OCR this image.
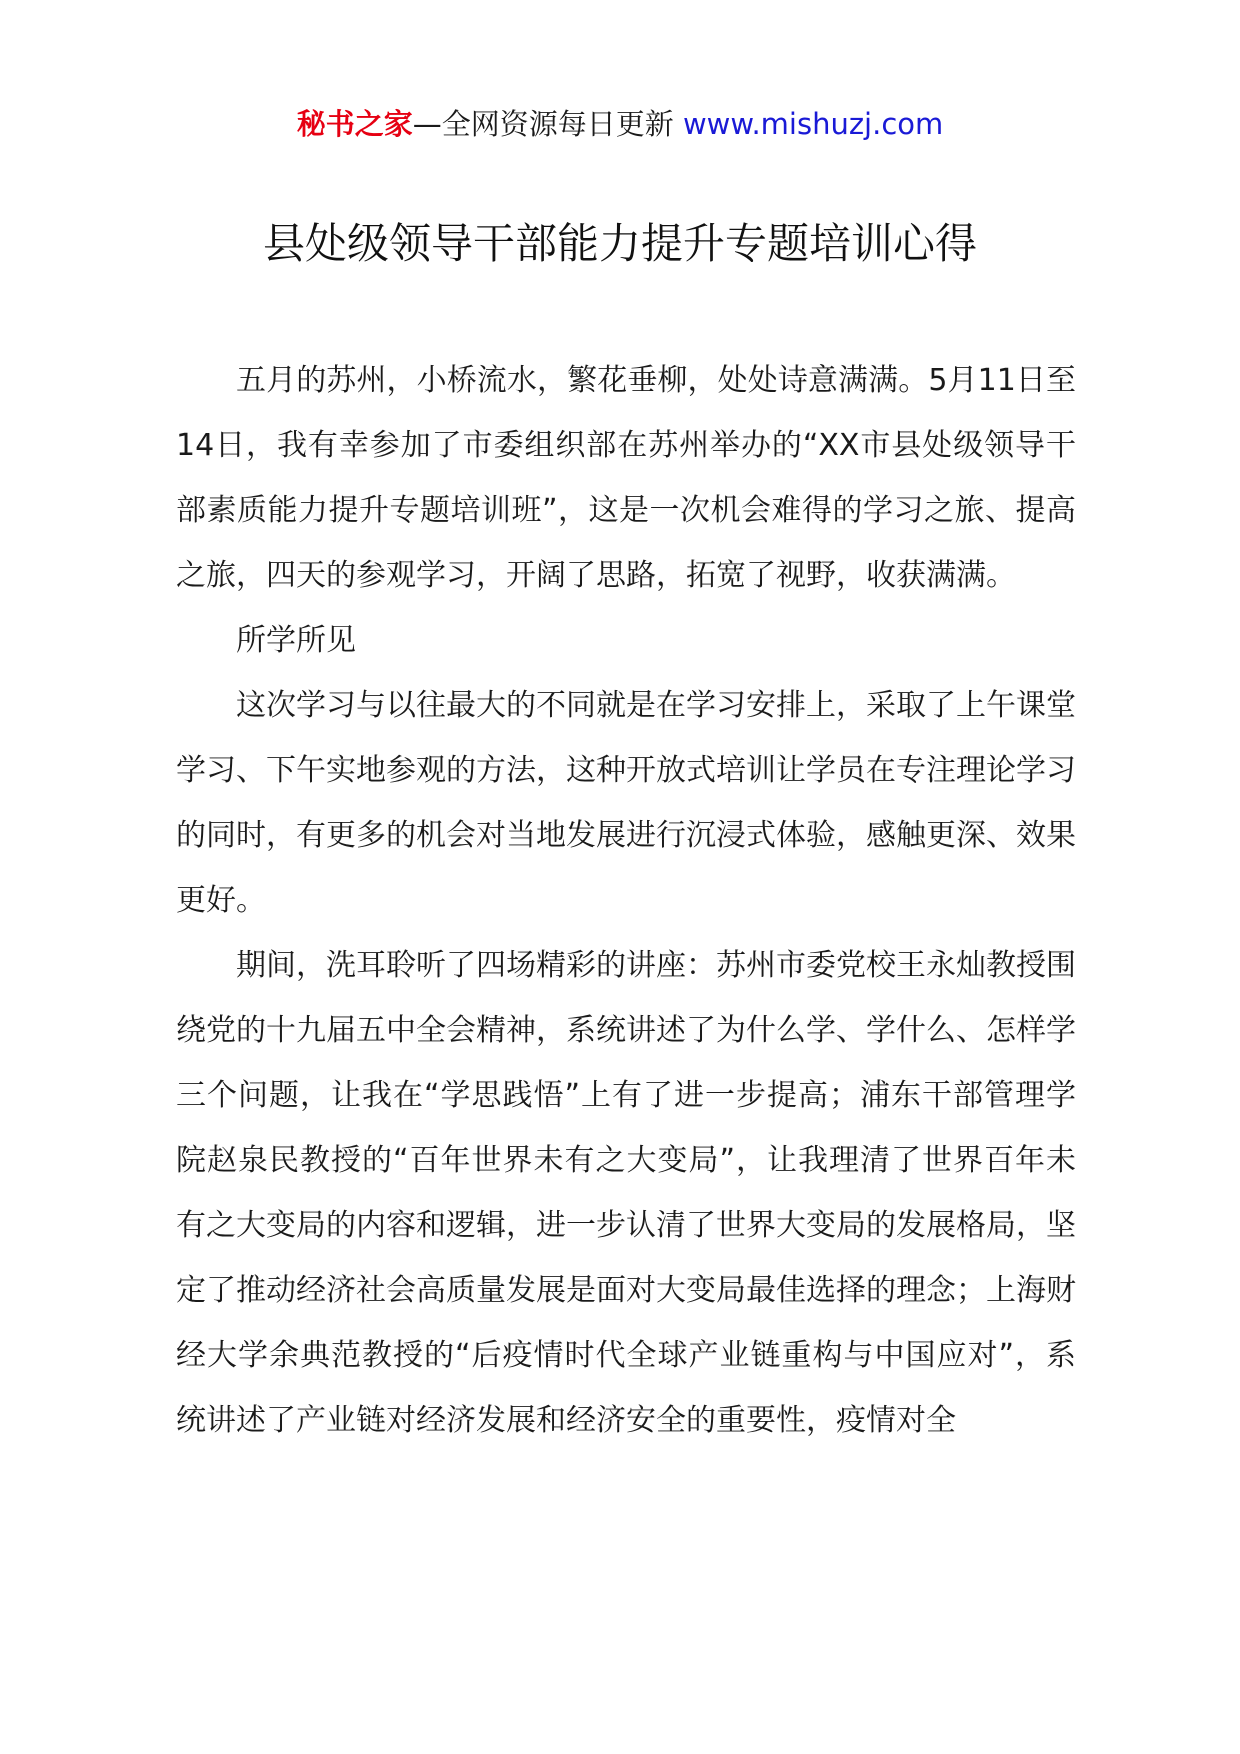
秘书之家—全网资源每日更新 www.mishuzj.com
县处级领导干部能力提升专题培训心得

五月的苏州，小桥流水，繁花垂柳，处处诗意满满。5月11日至14日，我有幸参加了市委组织部在苏州举办的“XX市县处级领导干部素质能力提升专题培训班”，这是一次机会难得的学习之旅、提高之旅，四天的参观学习，开阔了思路，拓宽了视野，收获满满。

所学所见

这次学习与以往最大的不同就是在学习安排上，采取了上午课堂学习、下午实地参观的方法，这种开放式培训让学员在专注理论学习的同时，有更多的机会对当地发展进行沉浸式体验，感触更深、效果更好。

期间，洗耳聆听了四场精彩的讲座：苏州市委党校王永灿教授围绕党的十九届五中全会精神，系统讲述了为什么学、学什么、怎样学三个问题，让我在“学思践悟”上有了进一步提高；浦东干部管理学院赵泉民教授的“百年世界未有之大变局”，让我理清了世界百年未有之大变局的内容和逻辑，进一步认清了世界大变局的发展格局，坚定了推动经济社会高质量发展是面对大变局最佳选择的理念；上海财经大学余典范教授的“后疫情时代全球产业链重构与中国应对”，系统讲述了产业链对经济发展和经济安全的重要性，疫情对全
